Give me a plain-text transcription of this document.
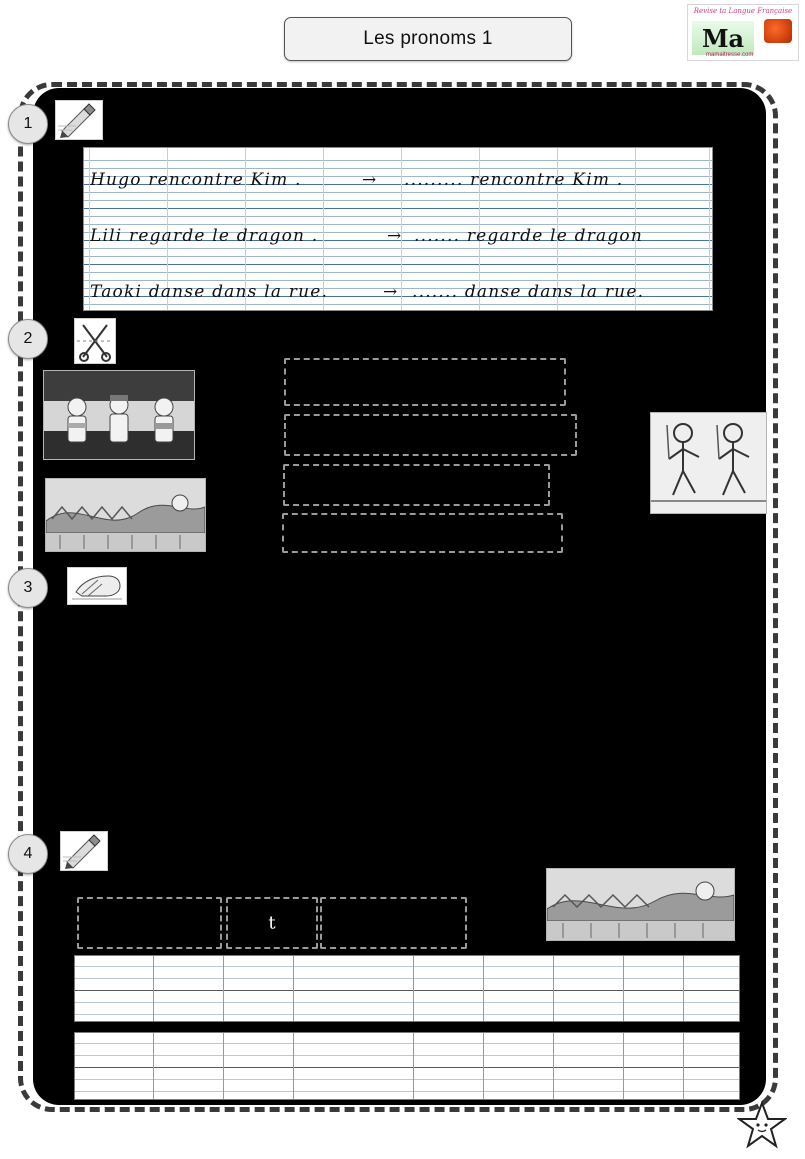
Les pronoms 1
Revise ta Langue Française
Ma
mamaitresse.com
1
Hugo rencontre Kim .	→ ......... rencontre Kim .
Lili regarde le dragon .	→ ....... regarde le dragon
Taoki danse dans la rue.	→ ....... danse dans la rue.
2
3
4
t
